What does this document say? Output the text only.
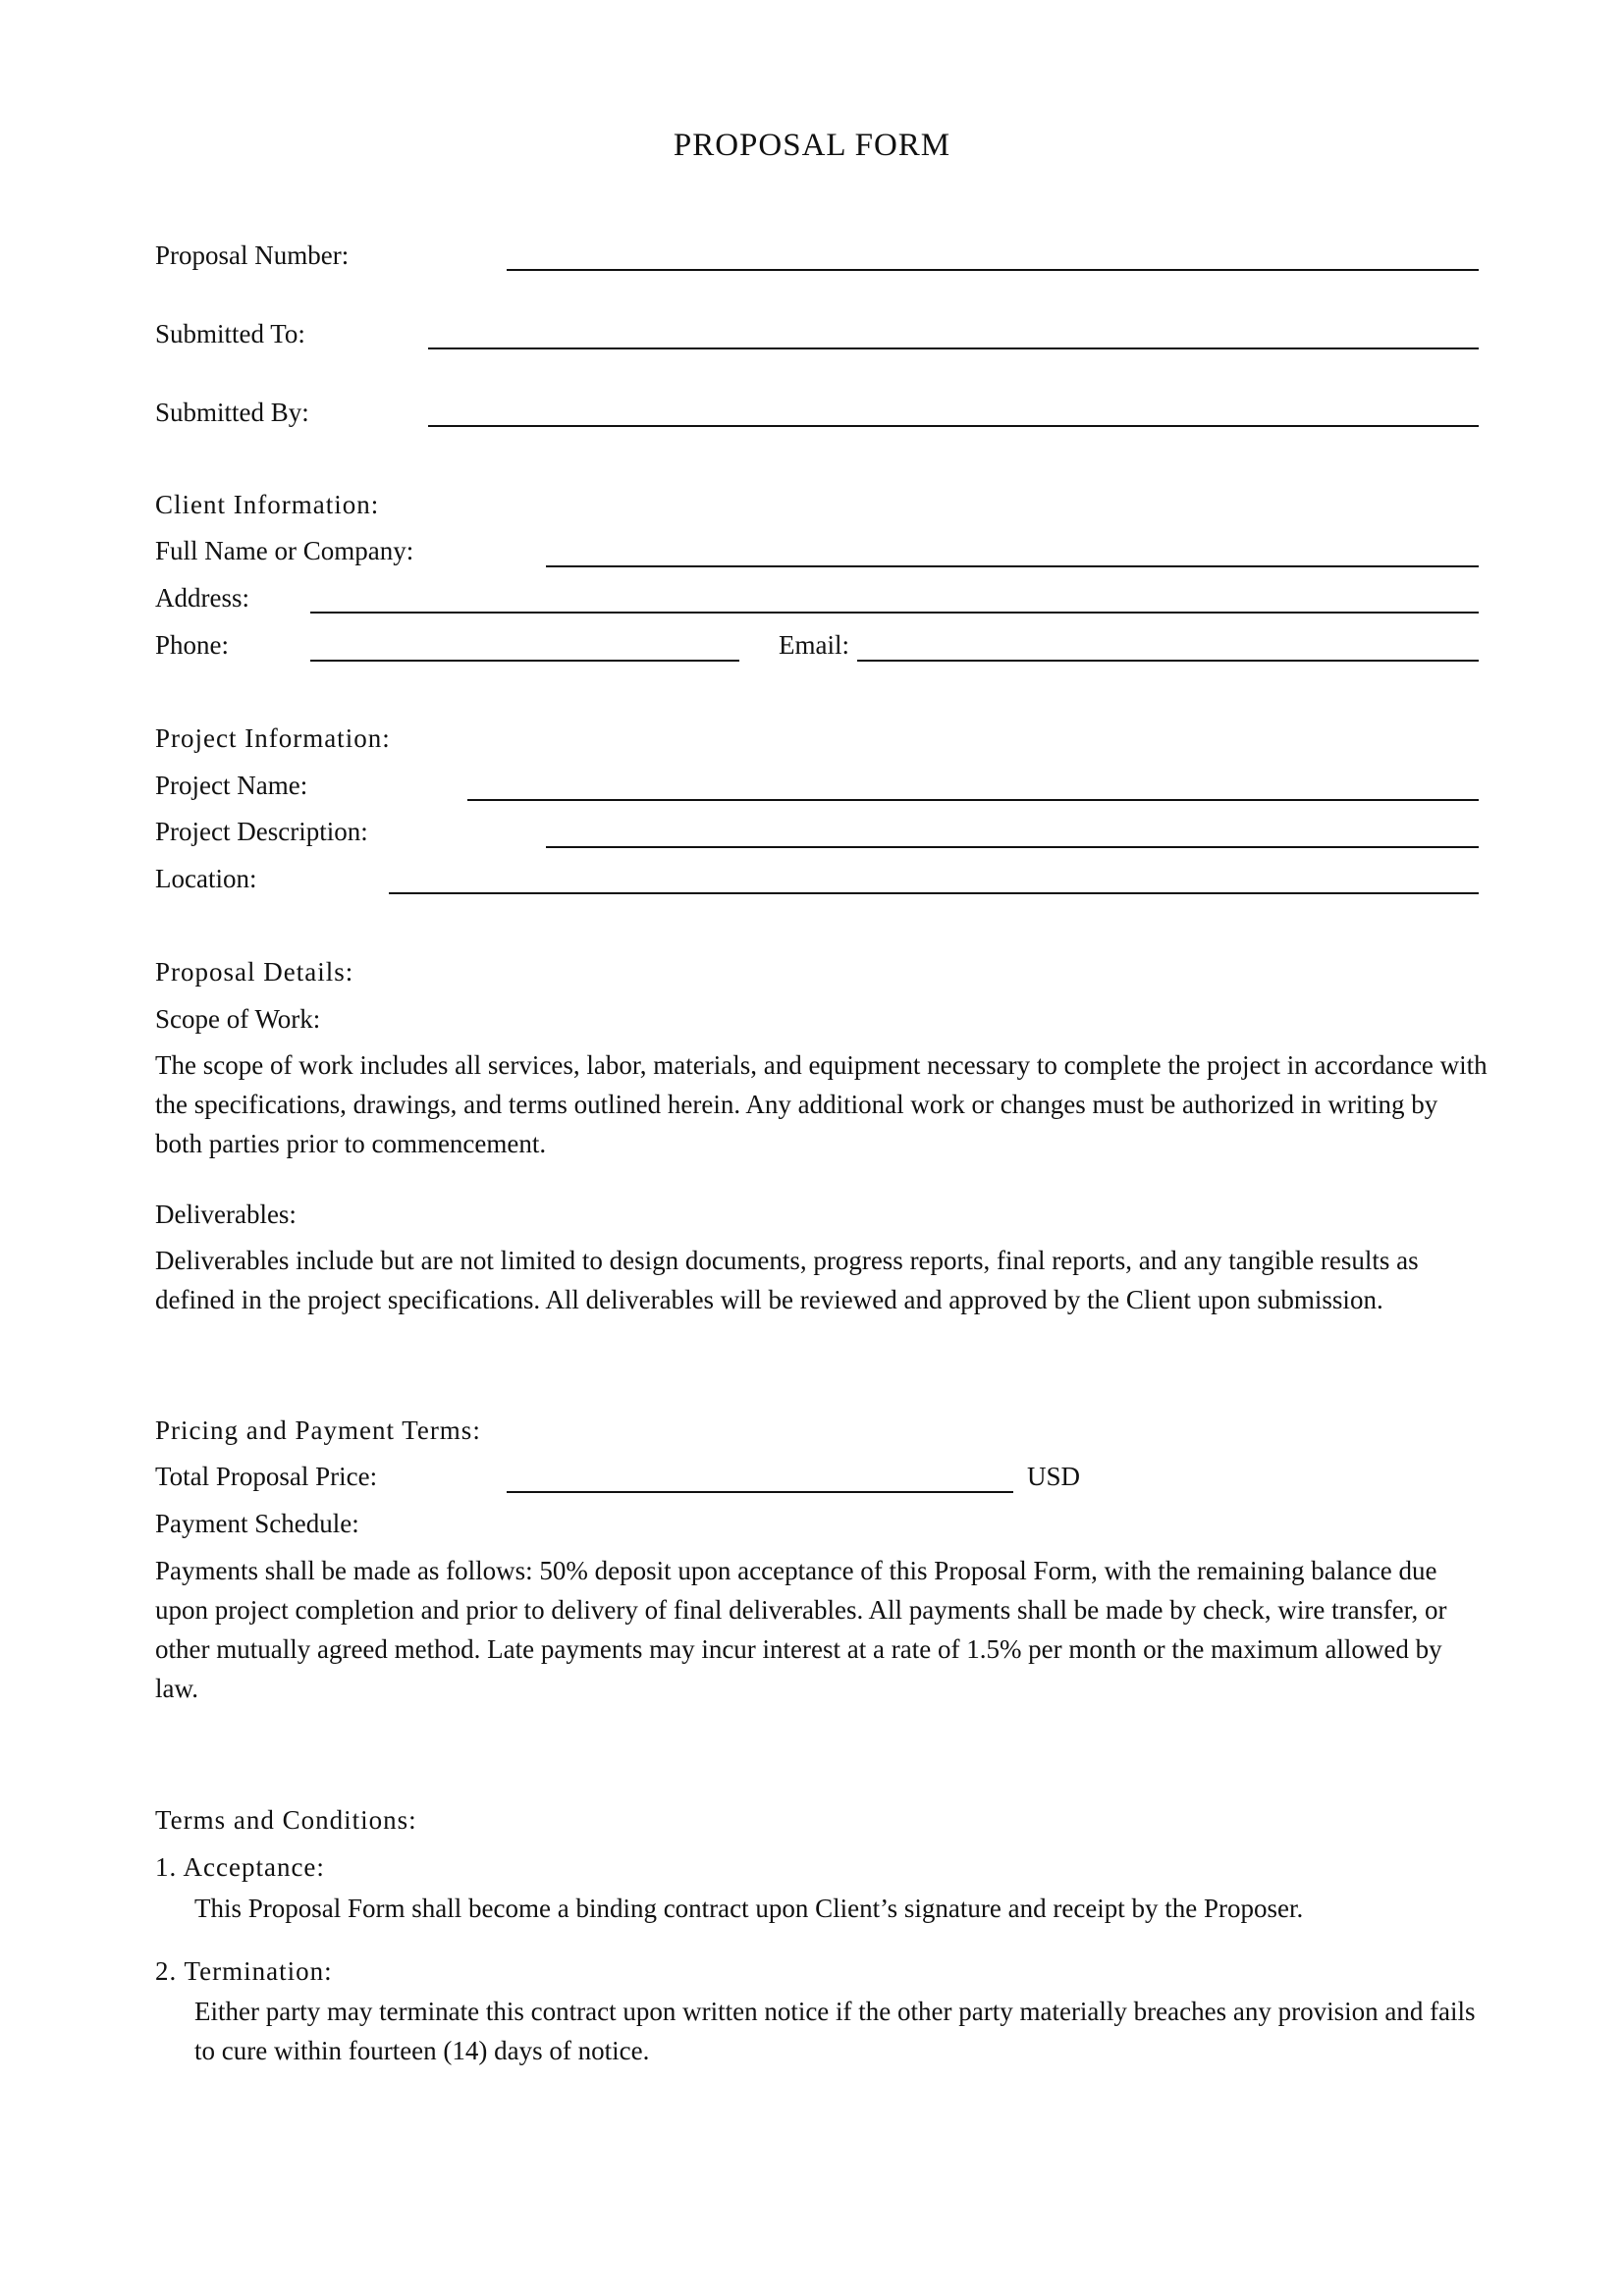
PROPOSAL FORM
Proposal Number:
Submitted To:
Submitted By:
Client Information:
Full Name or Company:
Address:
Phone:	Email:
Project Information:
Project Name:
Project Description:
Location:
Proposal Details:
Scope of Work:
The scope of work includes all services, labor, materials, and equipment necessary to complete the project in accordance with the specifications, drawings, and terms outlined herein. Any additional work or changes must be authorized in writing by both parties prior to commencement.
Deliverables:
Deliverables include but are not limited to design documents, progress reports, final reports, and any tangible results as defined in the project specifications. All deliverables will be reviewed and approved by the Client upon submission.
Pricing and Payment Terms:
Total Proposal Price:	USD
Payment Schedule:
Payments shall be made as follows: 50% deposit upon acceptance of this Proposal Form, with the remaining balance due upon project completion and prior to delivery of final deliverables. All payments shall be made by check, wire transfer, or other mutually agreed method. Late payments may incur interest at a rate of 1.5% per month or the maximum allowed by law.
Terms and Conditions:
1. Acceptance:
This Proposal Form shall become a binding contract upon Client’s signature and receipt by the Proposer.
2. Termination:
Either party may terminate this contract upon written notice if the other party materially breaches any provision and fails to cure within fourteen (14) days of notice.
